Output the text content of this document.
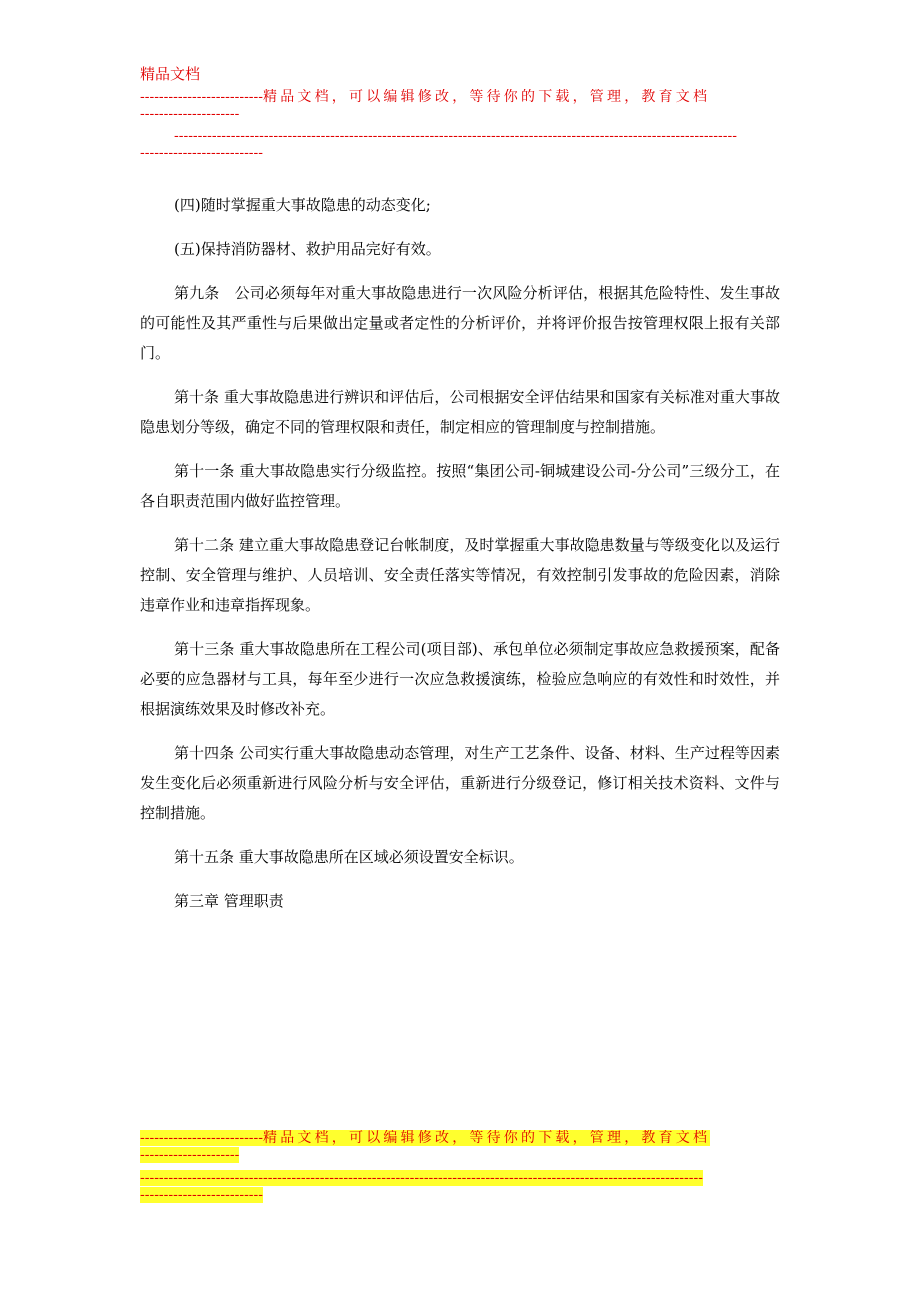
精品文档
--------------------------精品文档，可以编辑修改，等待你的下载，管理，教育文档
---------------------
-----------------------------------------------------------------------------------------------------------------------
--------------------------

(四)随时掌握重大事故隐患的动态变化;

(五)保持消防器材、救护用品完好有效。

第九条　公司必须每年对重大事故隐患进行一次风险分析评估，根据其危险特性、发生事故的可能性及其严重性与后果做出定量或者定性的分析评价，并将评价报告按管理权限上报有关部门。

第十条 重大事故隐患进行辨识和评估后，公司根据安全评估结果和国家有关标准对重大事故隐患划分等级，确定不同的管理权限和责任，制定相应的管理制度与控制措施。

第十一条 重大事故隐患实行分级监控。按照“集团公司-铜城建设公司-分公司”三级分工，在各自职责范围内做好监控管理。

第十二条 建立重大事故隐患登记台帐制度，及时掌握重大事故隐患数量与等级变化以及运行控制、安全管理与维护、人员培训、安全责任落实等情况，有效控制引发事故的危险因素，消除违章作业和违章指挥现象。

第十三条 重大事故隐患所在工程公司(项目部)、承包单位必须制定事故应急救援预案，配备必要的应急器材与工具，每年至少进行一次应急救援演练，检验应急响应的有效性和时效性，并根据演练效果及时修改补充。

第十四条 公司实行重大事故隐患动态管理，对生产工艺条件、设备、材料、生产过程等因素发生变化后必须重新进行风险分析与安全评估，重新进行分级登记，修订相关技术资料、文件与控制措施。

第十五条 重大事故隐患所在区域必须设置安全标识。

第三章 管理职责

--------------------------精品文档，可以编辑修改，等待你的下载，管理，教育文档
---------------------
-----------------------------------------------------------------------------------------------------------------------
--------------------------
